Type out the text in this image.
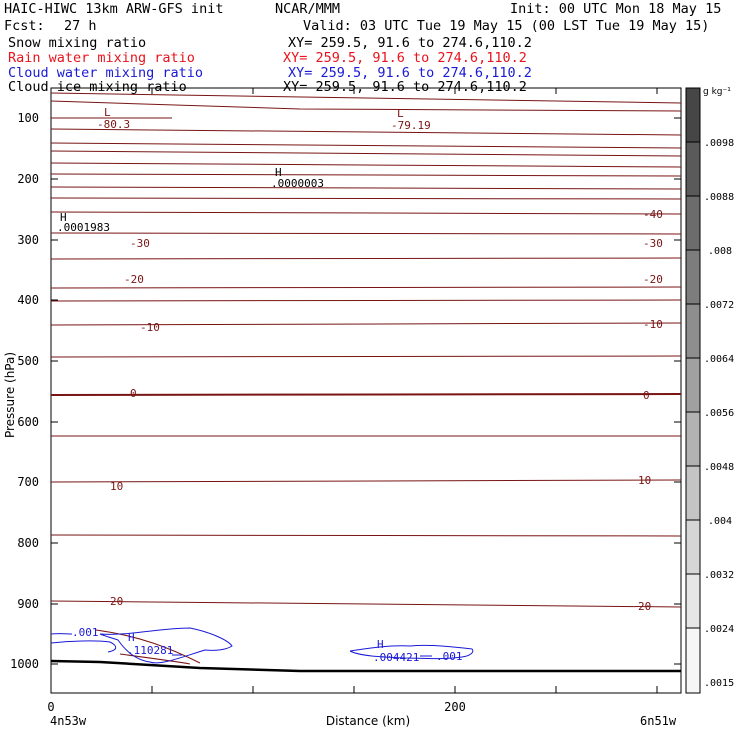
HAIC-HIWC 13km ARW-GFS init	NCAR/MMM	Init: 00 UTC Mon 18 May 15
Fcst: 27 h	Valid: 03 UTC Tue 19 May 15 (00 LST Tue 19 May 15)
Snow mixing ratio	XY= 259.5, 91.6 to 274.6,110.2
Rain water mixing ratio	XY= 259.5, 91.6 to 274.6,110.2
Cloud water mixing ratio	XY= 259.5, 91.6 to 274.6,110.2
Cloud ice mixing ratio	XY= 259.5, 91.6 to 274.6,110.2
100
200
300
400
500
600
700
800
900
1000
Pressure (hPa)
0	200
Distance (km)
4n53w	6n51w
-40
-30	-30
-20	-20
-10	-10
0	0
10	10
20	20
L
-80.3
L
-79.19
H
.0000003
H
.0001983
H
.110281	H
.004421
.001
.001
g kg⁻¹
.0098
.0088
.008
.0072
.0064
.0056
.0048
.004
.0032
.0024
.0015
